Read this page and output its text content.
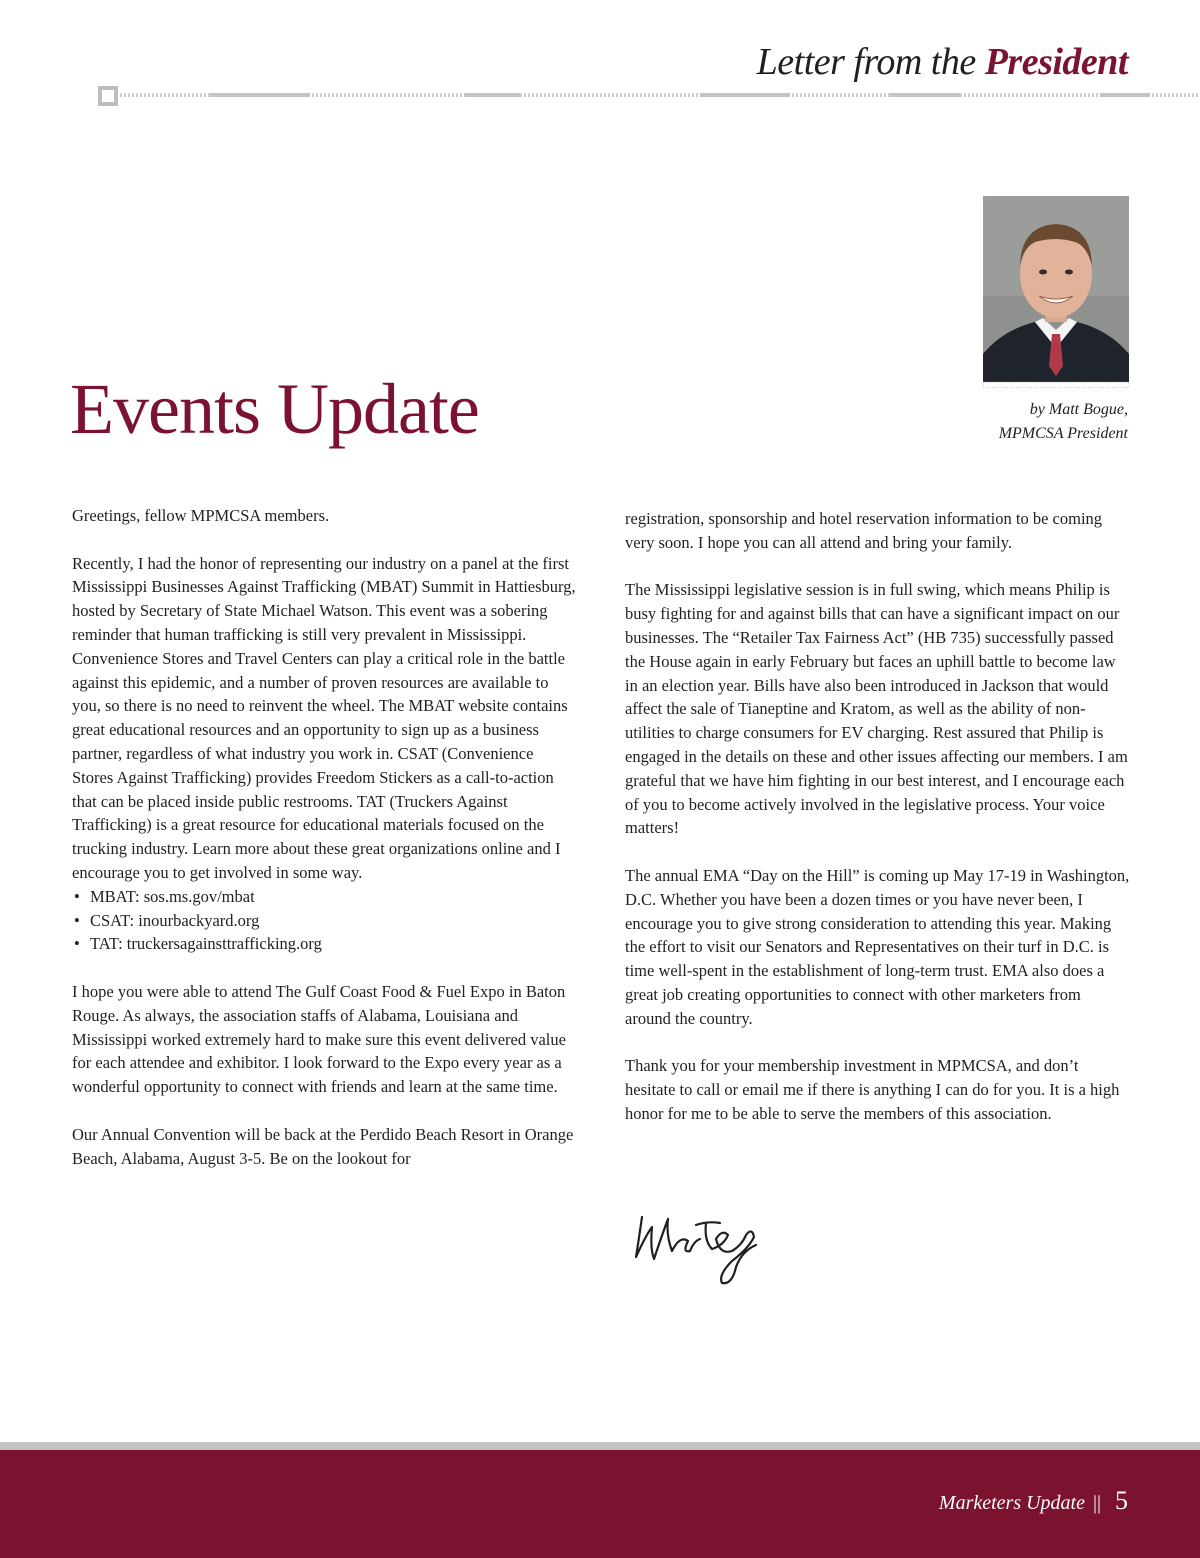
Letter from the President
by Matt Bogue,
MPMCSA President
Events Update

Greetings, fellow MPMCSA members.

Recently, I had the honor of representing our industry on a panel at the first Mississippi Businesses Against Trafficking (MBAT) Summit in Hattiesburg, hosted by Secretary of State Michael Watson. This event was a sobering reminder that human trafficking is still very prevalent in Mississippi. Convenience Stores and Travel Centers can play a critical role in the battle against this epidemic, and a number of proven resources are available to you, so there is no need to reinvent the wheel. The MBAT website contains great educational resources and an opportunity to sign up as a business partner, regardless of what industry you work in. CSAT (Convenience Stores Against Trafficking) provides Freedom Stickers as a call-to-action that can be placed inside public restrooms. TAT (Truckers Against Trafficking) is a great resource for educational materials focused on the trucking industry. Learn more about these great organizations online and I encourage you to get involved in some way.

• MBAT: sos.ms.gov/mbat
• CSAT: inourbackyard.org
• TAT: truckersagainsttrafficking.org

I hope you were able to attend The Gulf Coast Food & Fuel Expo in Baton Rouge. As always, the association staffs of Alabama, Louisiana and Mississippi worked extremely hard to make sure this event delivered value for each attendee and exhibitor. I look forward to the Expo every year as a wonderful opportunity to connect with friends and learn at the same time.

Our Annual Convention will be back at the Perdido Beach Resort in Orange Beach, Alabama, August 3-5. Be on the lookout for

registration, sponsorship and hotel reservation information to be coming very soon. I hope you can all attend and bring your family.

The Mississippi legislative session is in full swing, which means Philip is busy fighting for and against bills that can have a significant impact on our businesses. The “Retailer Tax Fairness Act” (HB 735) successfully passed the House again in early February but faces an uphill battle to become law in an election year. Bills have also been introduced in Jackson that would affect the sale of Tianeptine and Kratom, as well as the ability of non-utilities to charge consumers for EV charging. Rest assured that Philip is engaged in the details on these and other issues affecting our members. I am grateful that we have him fighting in our best interest, and I encourage each of you to become actively involved in the legislative process. Your voice matters!

The annual EMA “Day on the Hill” is coming up May 17-19 in Washington, D.C. Whether you have been a dozen times or you have never been, I encourage you to give strong consideration to attending this year. Making the effort to visit our Senators and Representatives on their turf in D.C. is time well-spent in the establishment of long-term trust. EMA also does a great job creating opportunities to connect with other marketers from around the country.

Thank you for your membership investment in MPMCSA, and don’t hesitate to call or email me if there is anything I can do for you. It is a high honor for me to be able to serve the members of this association.

Marketers Update || 5
